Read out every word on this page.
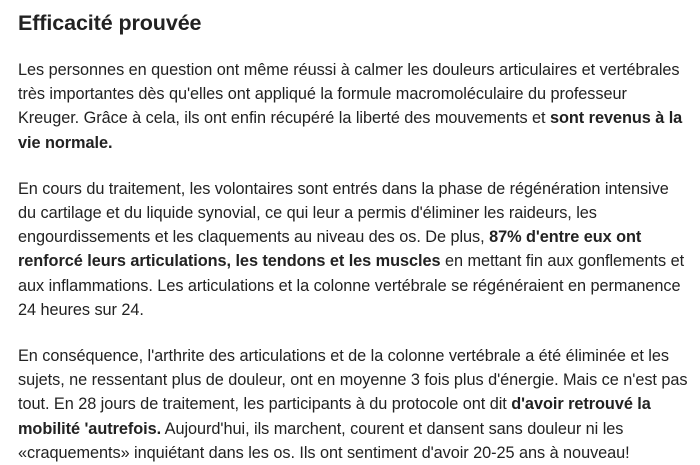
Efficacité prouvée

Les personnes en question ont même réussi à calmer les douleurs articulaires et vertébrales très importantes dès qu'elles ont appliqué la formule macromoléculaire du professeur Kreuger. Grâce à cela, ils ont enfin récupéré la liberté des mouvements et sont revenus à la vie normale.

En cours du traitement, les volontaires sont entrés dans la phase de régénération intensive du cartilage et du liquide synovial, ce qui leur a permis d'éliminer les raideurs, les engourdissements et les claquements au niveau des os. De plus, 87% d'entre eux ont renforcé leurs articulations, les tendons et les muscles en mettant fin aux gonflements et aux inflammations. Les articulations et la colonne vertébrale se régénéraient en permanence 24 heures sur 24.

En conséquence, l'arthrite des articulations et de la colonne vertébrale a été éliminée et les sujets, ne ressentant plus de douleur, ont en moyenne 3 fois plus d'énergie. Mais ce n'est pas tout. En 28 jours de traitement, les participants à du protocole ont dit d'avoir retrouvé la mobilité 'autrefois. Aujourd'hui, ils marchent, courent et dansent sans douleur ni les «craquements» inquiétant dans les os. Ils ont sentiment d'avoir 20-25 ans à nouveau!
